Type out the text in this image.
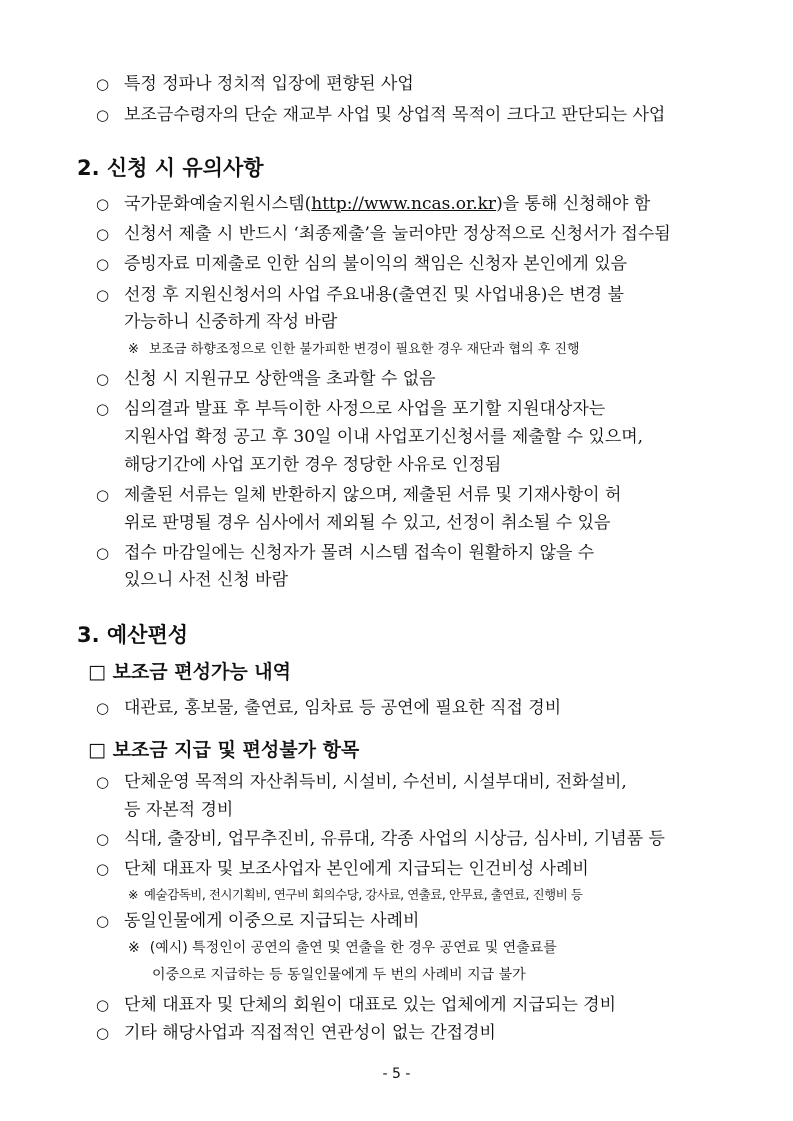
○ 특정 정파나 정치적 입장에 편향된 사업
○ 보조금수령자의 단순 재교부 사업 및 상업적 목적이 크다고 판단되는 사업
2. 신청 시 유의사항
○ 국가문화예술지원시스템(http://www.ncas.or.kr)을 통해 신청해야 함
○ 신청서 제출 시 반드시 ‘최종제출’을 눌러야만 정상적으로 신청서가 접수됨
○ 증빙자료 미제출로 인한 심의 불이익의 책임은 신청자 본인에게 있음
○ 선정 후 지원신청서의 사업 주요내용(출연진 및 사업내용)은 변경 불
가능하니 신중하게 작성 바람
※ 보조금 하향조정으로 인한 불가피한 변경이 필요한 경우 재단과 협의 후 진행
○ 신청 시 지원규모 상한액을 초과할 수 없음
○ 심의결과 발표 후 부득이한 사정으로 사업을 포기할 지원대상자는
지원사업 확정 공고 후 30일 이내 사업포기신청서를 제출할 수 있으며,
해당기간에 사업 포기한 경우 정당한 사유로 인정됨
○ 제출된 서류는 일체 반환하지 않으며, 제출된 서류 및 기재사항이 허
위로 판명될 경우 심사에서 제외될 수 있고, 선정이 취소될 수 있음
○ 접수 마감일에는 신청자가 몰려 시스템 접속이 원활하지 않을 수
있으니 사전 신청 바람
3. 예산편성
□ 보조금 편성가능 내역
○ 대관료, 홍보물, 출연료, 임차료 등 공연에 필요한 직접 경비
□ 보조금 지급 및 편성불가 항목
○ 단체운영 목적의 자산취득비, 시설비, 수선비, 시설부대비, 전화설비,
등 자본적 경비
○ 식대, 출장비, 업무추진비, 유류대, 각종 사업의 시상금, 심사비, 기념품 등
○ 단체 대표자 및 보조사업자 본인에게 지급되는 인건비성 사례비
※ 예술감독비, 전시기획비, 연구비 회의수당, 강사료, 연출료, 안무료, 출연료, 진행비 등
○ 동일인물에게 이중으로 지급되는 사례비
※ (예시) 특정인이 공연의 출연 및 연출을 한 경우 공연료 및 연출료를
이중으로 지급하는 등 동일인물에게 두 번의 사례비 지급 불가
○ 단체 대표자 및 단체의 회원이 대표로 있는 업체에게 지급되는 경비
○ 기타 해당사업과 직접적인 연관성이 없는 간접경비
- 5 -
